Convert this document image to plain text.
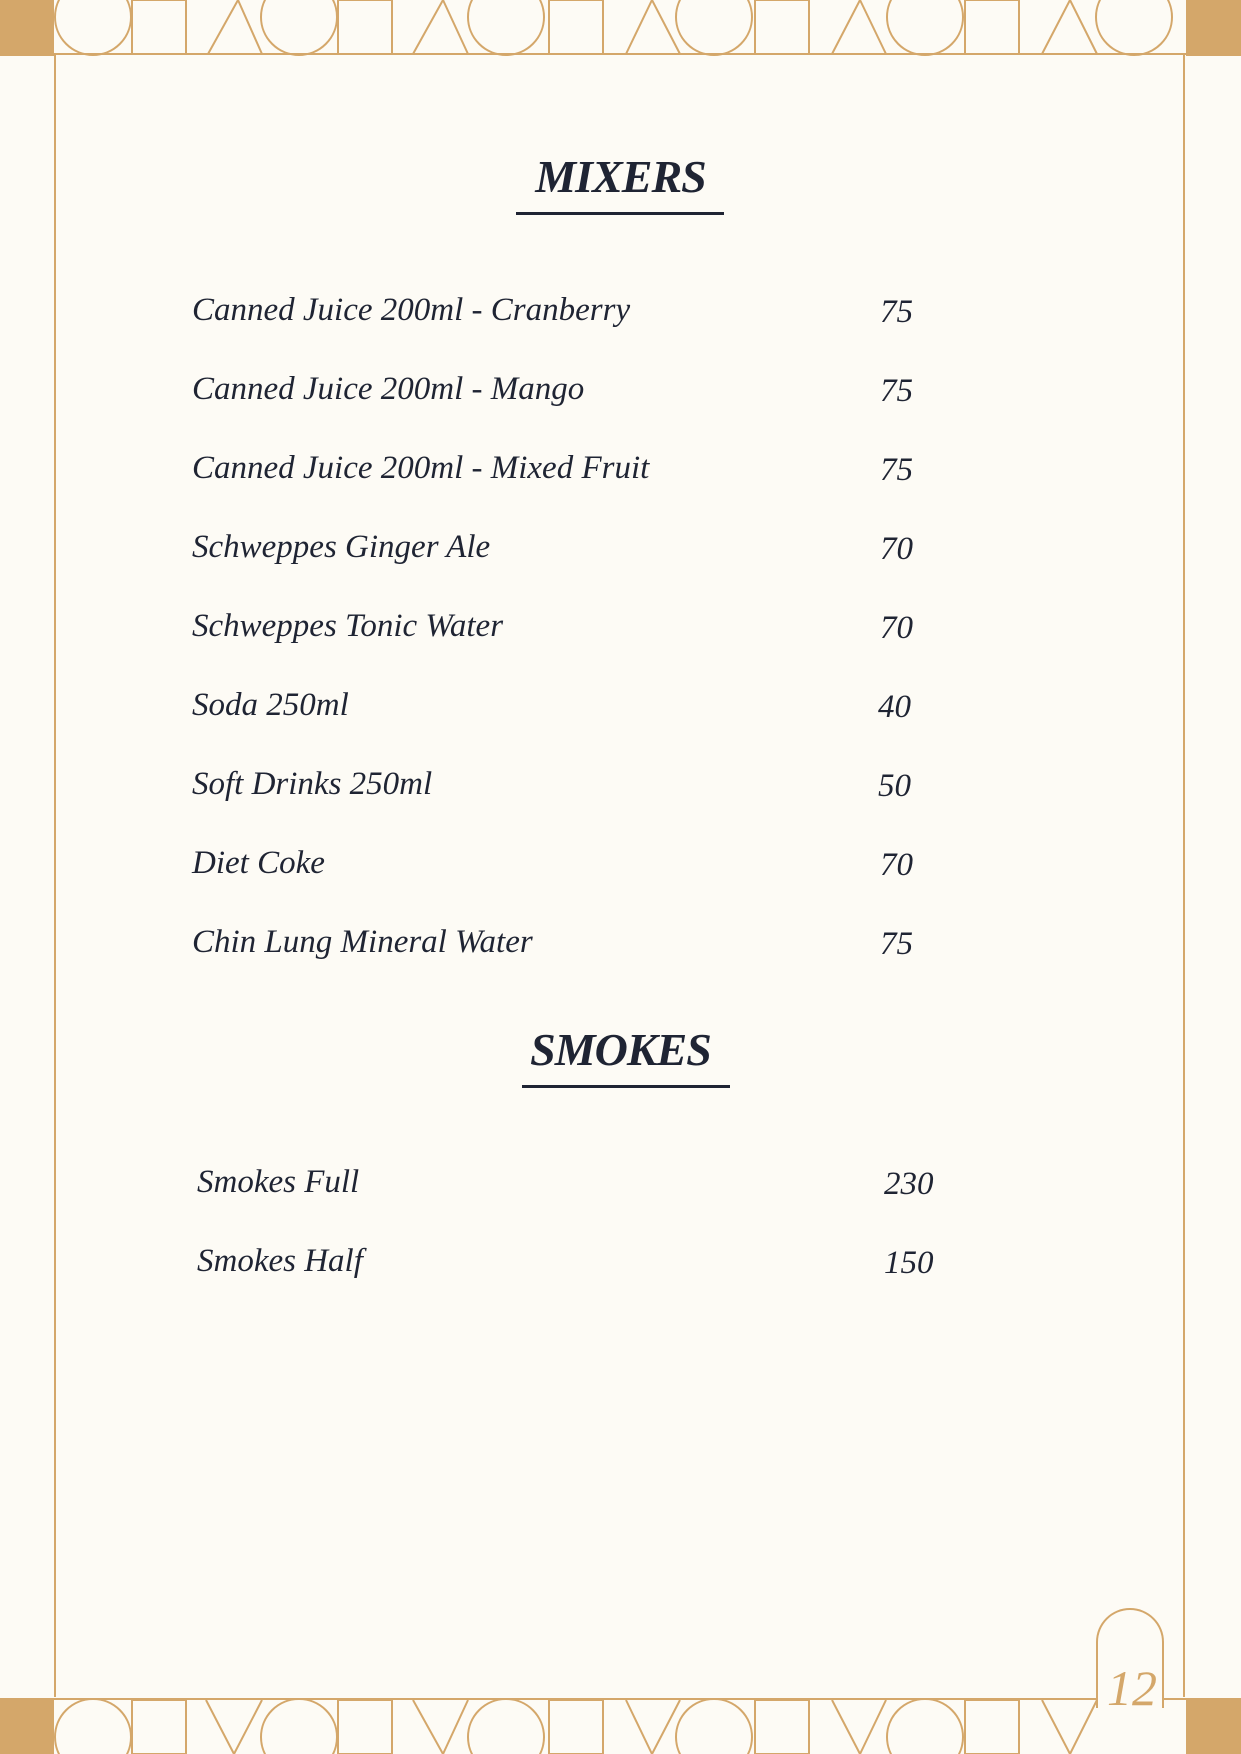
MIXERS
Canned Juice 200ml - Cranberry	75
Canned Juice 200ml - Mango	75
Canned Juice 200ml - Mixed Fruit	75
Schweppes Ginger Ale	70
Schweppes Tonic Water	70
Soda 250ml	40
Soft Drinks 250ml	50
Diet Coke	70
Chin Lung Mineral Water	75
SMOKES
Smokes Full	230
Smokes Half	150
12
